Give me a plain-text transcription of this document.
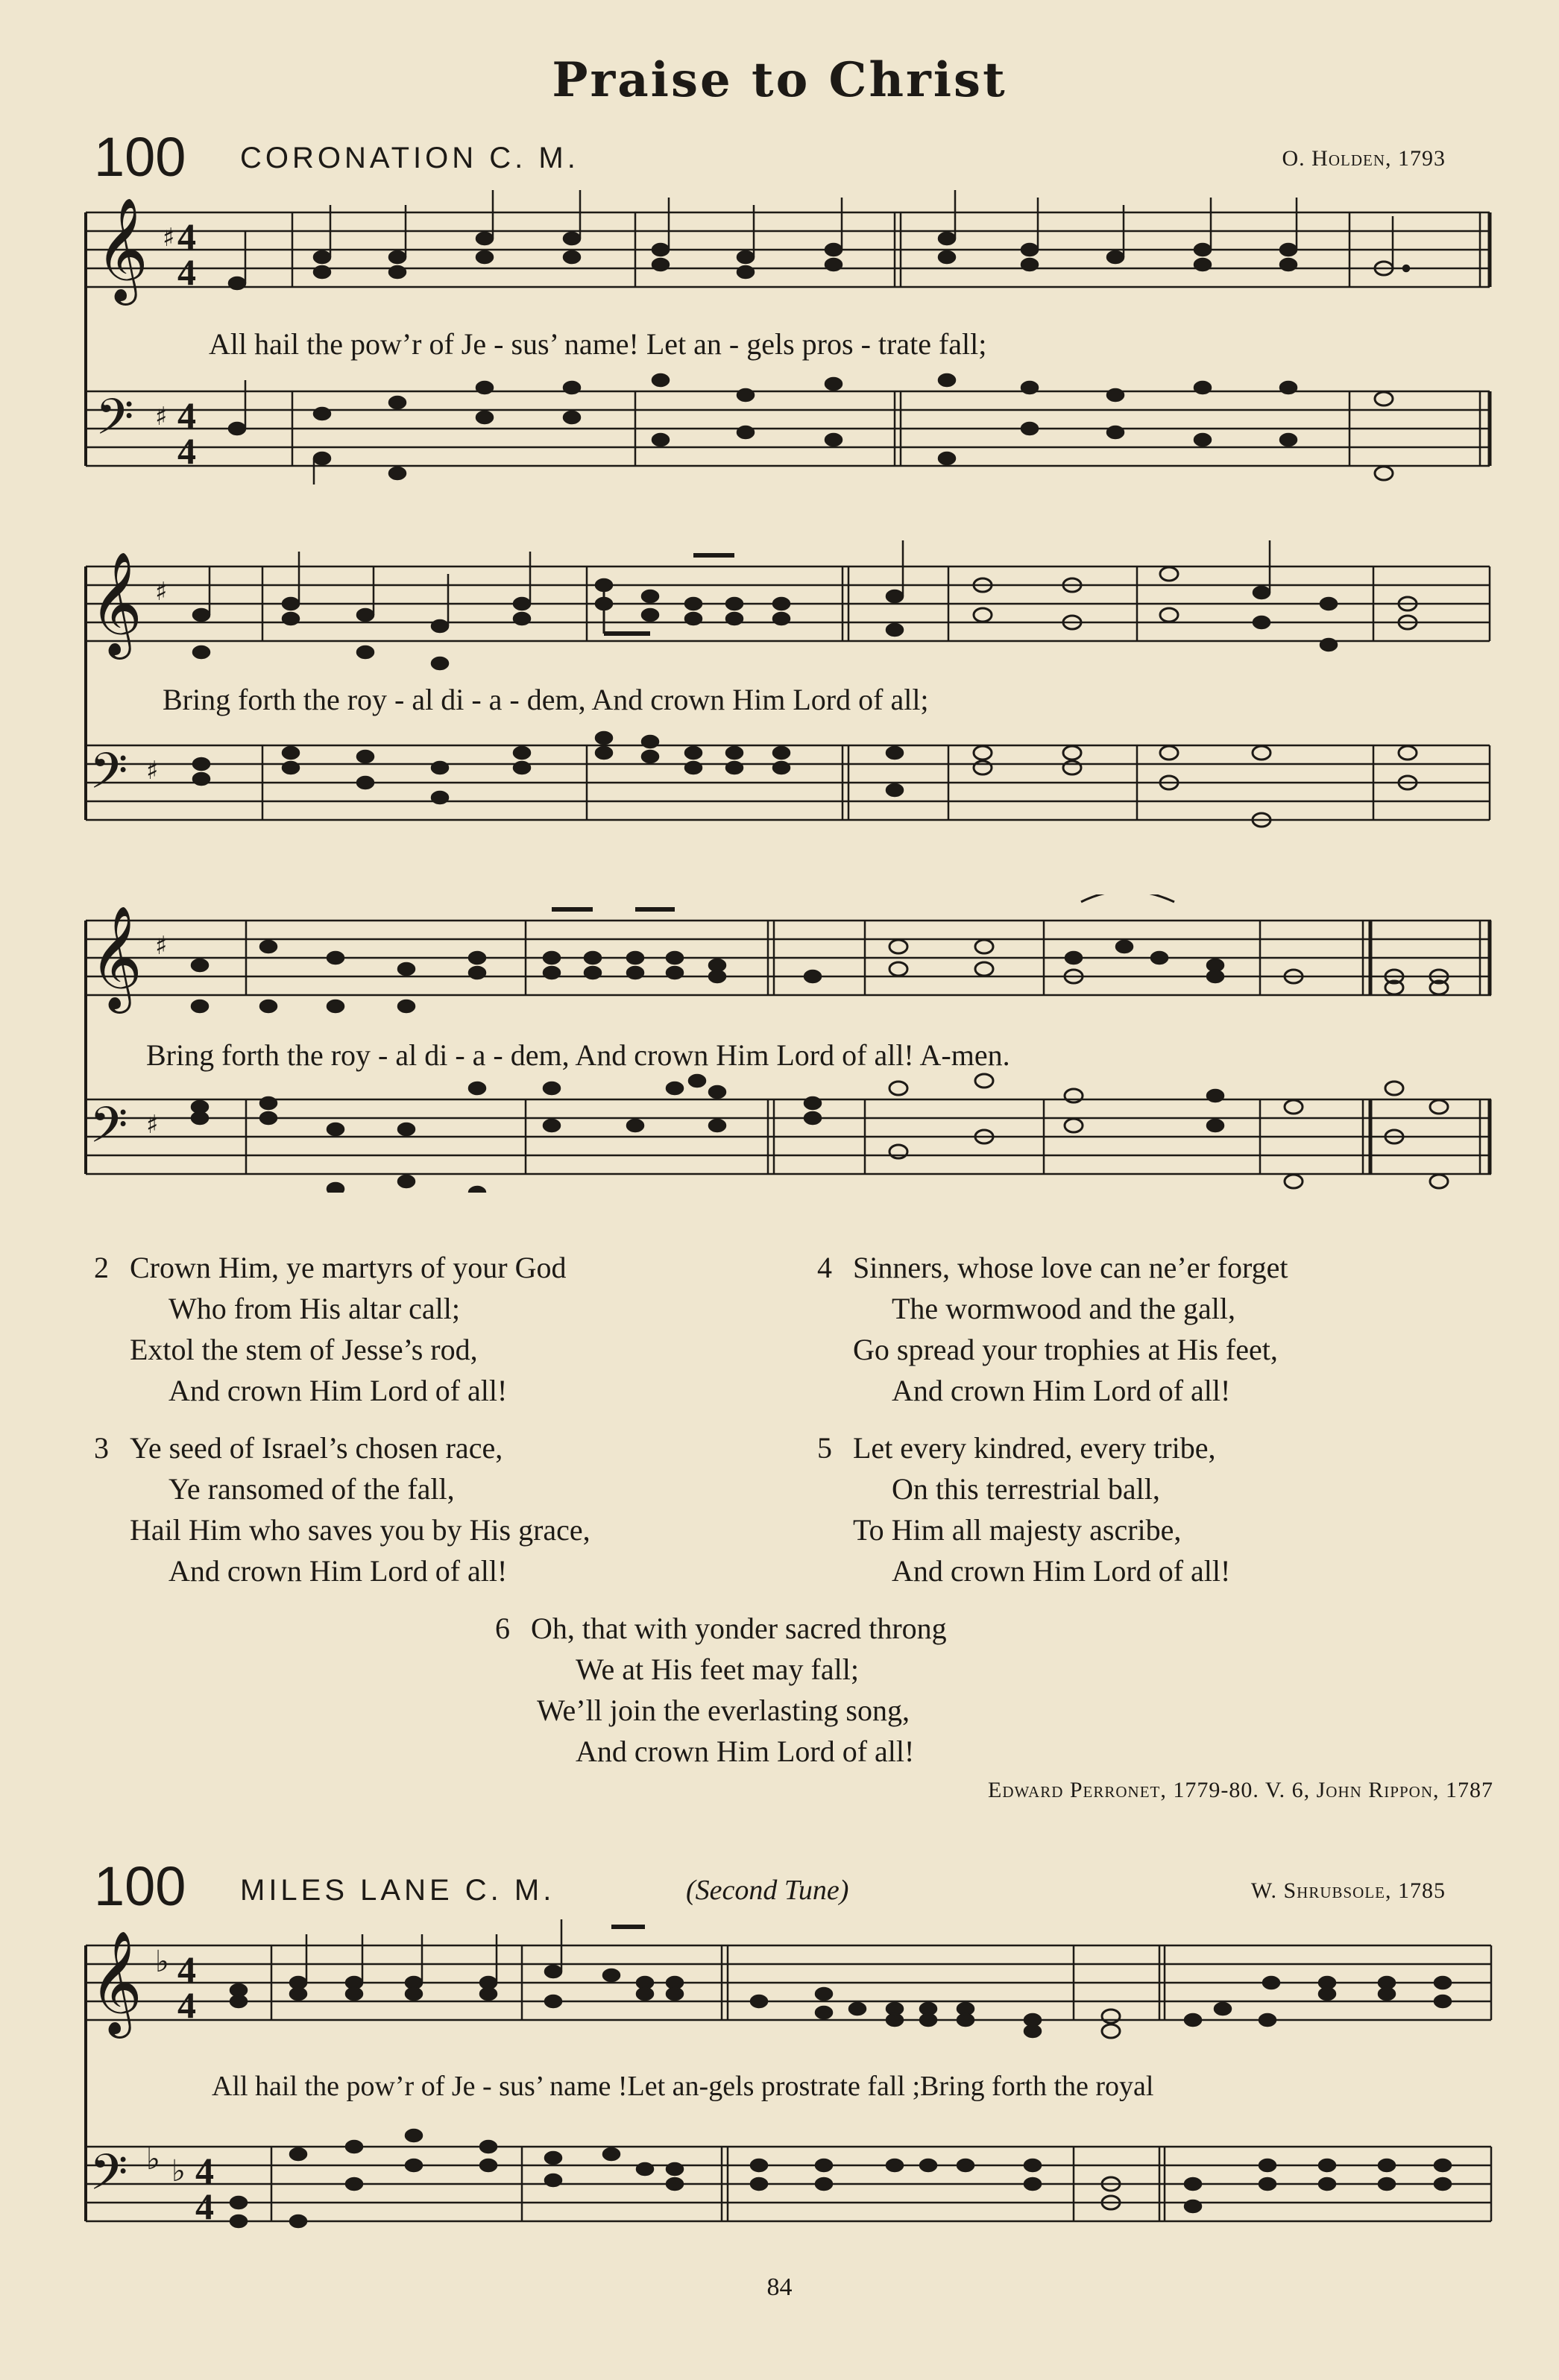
Praise to Christ
100 CORONATION C. M.	O. Holden, 1793
𝄞
𝄢
♯
♯
4
4
4
4
All hail the pow’r of Je - sus’ name! Let an - gels pros - trate fall;
𝄞
𝄢
♯
♯
Bring forth the roy - al di - a - dem, And crown Him Lord of all;
𝄞
𝄢
♯
♯
Bring forth the roy - al di - a - dem, And crown Him Lord of all! A-men.
2 Crown Him, ye martyrs of your God
Who from His altar call;
Extol the stem of Jesse’s rod,
And crown Him Lord of all!
3 Ye seed of Israel’s chosen race,
Ye ransomed of the fall,
Hail Him who saves you by His grace,
And crown Him Lord of all!
4 Sinners, whose love can ne’er forget
The wormwood and the gall,
Go spread your trophies at His feet,
And crown Him Lord of all!
5 Let every kindred, every tribe,
On this terrestrial ball,
To Him all majesty ascribe,
And crown Him Lord of all!
6 Oh, that with yonder sacred throng
We at His feet may fall;
We’ll join the everlasting song,
And crown Him Lord of all!
Edward Perronet, 1779-80. V. 6, John Rippon, 1787
100 MILES LANE C. M.	(Second Tune)	W. Shrubsole, 1785
𝄞
𝄢
♭
♭ ♭
4
4
4
4
All hail the pow’r of Je - sus’ name !Let an-gels prostrate fall ;Bring forth the royal
84
